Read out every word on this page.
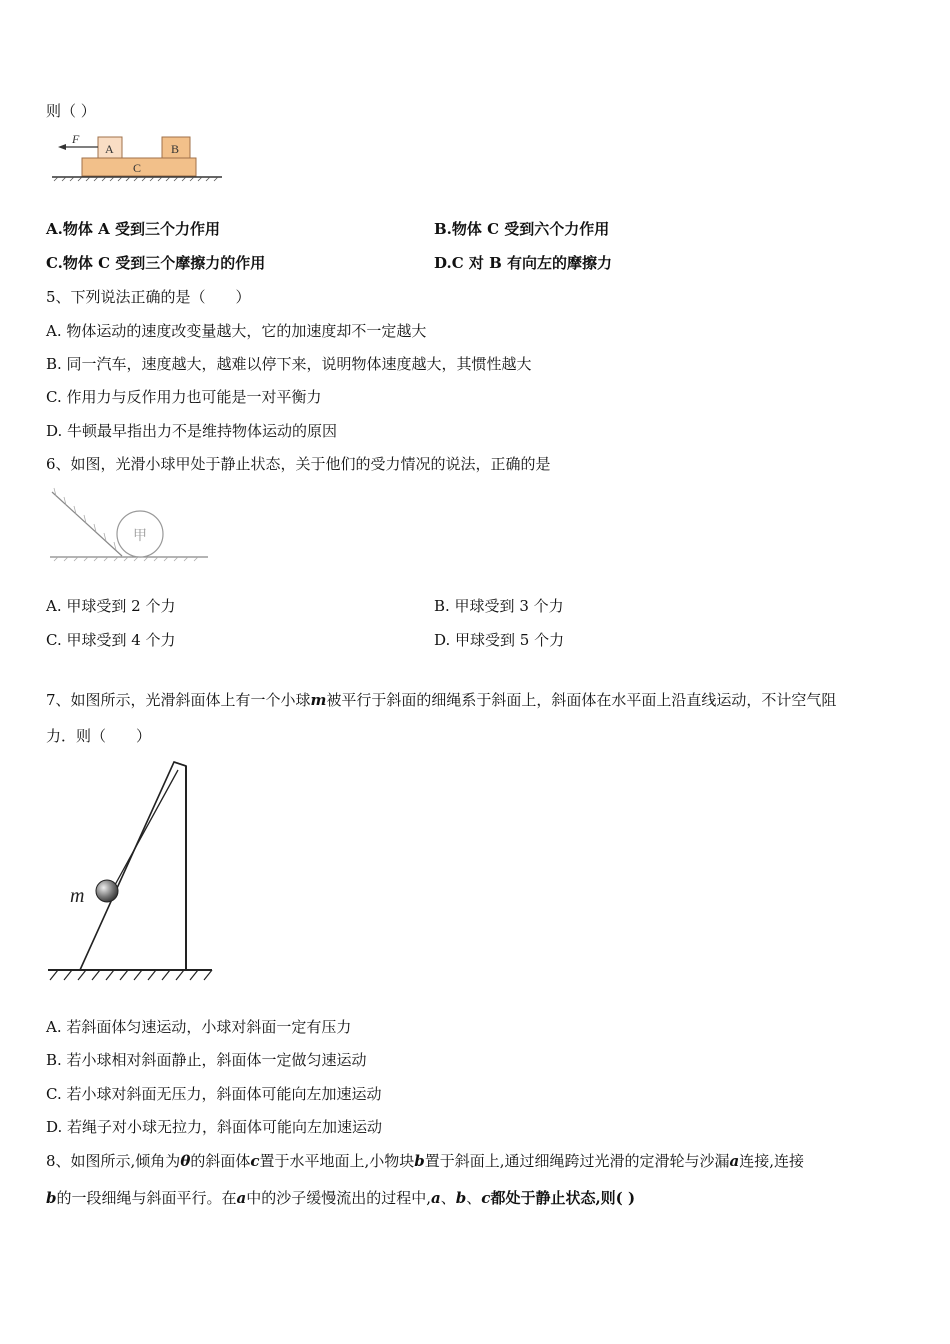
则（ ）
F
A	B
C
A.物体 A 受到三个力作用	B.物体 C 受到六个力作用
C.物体 C 受到三个摩擦力的作用	D.C 对 B 有向左的摩擦力
5、下列说法正确的是（　　）
A. 物体运动的速度改变量越大，它的加速度却不一定越大
B. 同一汽车，速度越大，越难以停下来，说明物体速度越大，其惯性越大
C. 作用力与反作用力也可能是一对平衡力
D. 牛顿最早指出力不是维持物体运动的原因
6、如图，光滑小球甲处于静止状态，关于他们的受力情况的说法，正确的是
甲
A. 甲球受到 2 个力	B. 甲球受到 3 个力
C. 甲球受到 4 个力	D. 甲球受到 5 个力
7、如图所示，光滑斜面体上有一个小球m被平行于斜面的细绳系于斜面上，斜面体在水平面上沿直线运动，不计空气阻
力．则（　　）
m
A. 若斜面体匀速运动，小球对斜面一定有压力
B. 若小球相对斜面静止，斜面体一定做匀速运动
C. 若小球对斜面无压力，斜面体可能向左加速运动
D. 若绳子对小球无拉力，斜面体可能向左加速运动
8、如图所示,倾角为θ的斜面体c置于水平地面上,小物块b置于斜面上,通过细绳跨过光滑的定滑轮与沙漏a连接,连接
b的一段细绳与斜面平行。在a中的沙子缓慢流出的过程中,a、b、c都处于静止状态,则( )
